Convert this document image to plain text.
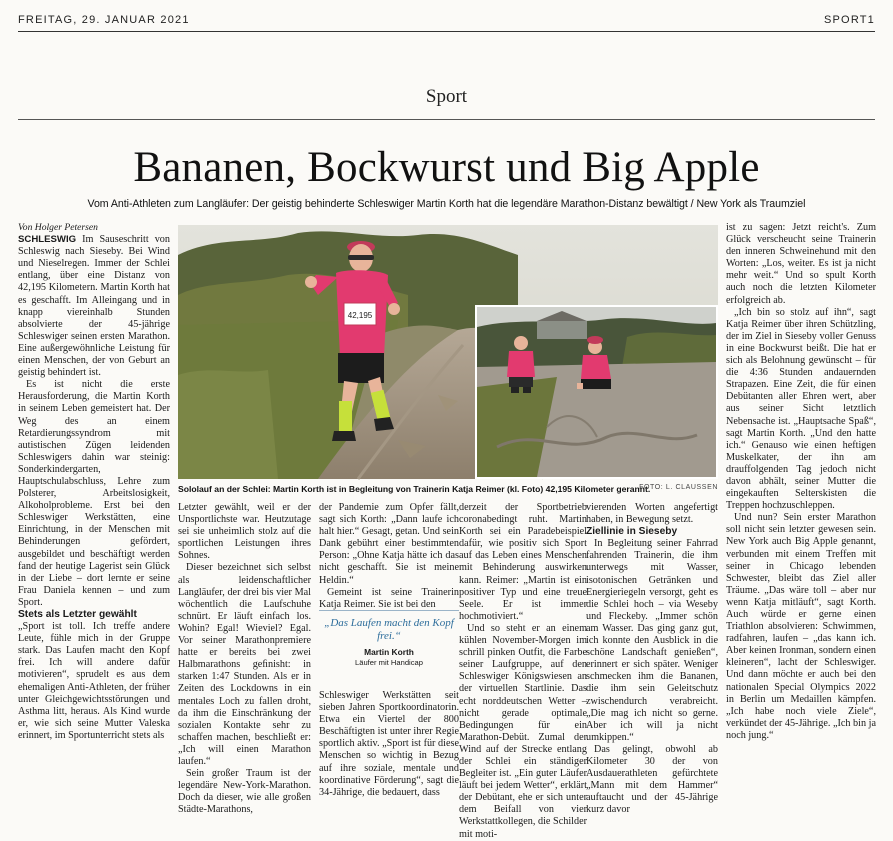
FREITAG, 29. JANUAR 2021	SPORT1
Sport
Bananen, Bockwurst und Big Apple
Vom Anti-Athleten zum Langläufer: Der geistig behinderte Schleswiger Martin Korth hat die legendäre Marathon-Distanz bewältigt / New York als Traumziel

Von Holger Petersen

SCHLESWIG Im Sauseschritt von Schleswig nach Sieseby. Bei Wind und Nieselregen. Immer der Schlei entlang, über eine Distanz von 42,195 Kilometern. Martin Korth hat es geschafft. Im Alleingang und in knapp viereinhalb Stunden absolvierte der 45-jährige Schleswiger seinen ersten Marathon. Eine außergewöhnliche Leistung für einen Menschen, der von Geburt an geistig behindert ist.

Es ist nicht die erste Herausforderung, die Martin Korth in seinem Leben gemeistert hat. Der Weg des an einem Retardierungssyndrom mit autistischen Zügen leidenden Schleswigers dahin war steinig: Sonderkindergarten, Hauptschulabschluss, Lehre zum Polsterer, Arbeitslosigkeit, Alkoholprobleme. Erst bei den Schleswiger Werkstätten, eine Einrichtung, in der Menschen mit Behinderungen gefördert, ausgebildet und beschäftigt werden fand der heutige Lagerist sein Glück in der Liebe – dort lernte er seine Frau Daniela kennen – und zum Sport.

Stets als Letzter gewählt

„Sport ist toll. Ich treffe andere Leute, fühle mich in der Gruppe stark. Das Laufen macht den Kopf frei. Ich will andere dafür motivieren“, sprudelt es aus dem ehemaligen Anti-Athleten, der früher unter Gleichgewichtsstörungen und Asthma litt, heraus. Als Kind wurde er, wie sich seine Mutter Valeska erinnert, im Sportunterricht stets als

42,195
Sololauf an der Schlei: Martin Korth ist in Begleitung von Trainerin Katja Reimer (kl. Foto) 42,195 Kilometer gerannt.
FOTO: L. CLAUSSEN

Letzter gewählt, weil er der Unsportlichste war. Heutzutage sei sie unheimlich stolz auf die sportlichen Leistungen ihres Sohnes.

Dieser bezeichnet sich selbst als leidenschaftlicher Langläufer, der drei bis vier Mal wöchentlich die Laufschuhe schnürt. Er läuft einfach los. Wohin? Egal! Wieviel? Egal. Vor seiner Marathonpremiere hatte er bereits bei zwei Halbmarathons geﬁnisht: in starken 1:47 Stunden. Als er in Zeiten des Lockdowns in ein mentales Loch zu fallen droht, da ihm die Einschränkung der sozialen Kontakte sehr zu schaffen machen, beschließt er: „Ich will einen Marathon laufen.“

Sein großer Traum ist der legendäre New-York-Marathon. Doch da dieser, wie alle großen Städte-Marathons,

der Pandemie zum Opfer fällt, sagt sich Korth: „Dann laufe ich halt hier.“ Gesagt, getan. Und sein Dank gebührt einer bestimmten Person: „Ohne Katja hätte ich das nicht geschafft. Sie ist meine Heldin.“

Gemeint ist seine Trainerin Katja Reimer. Sie ist bei den

„Das Laufen macht den Kopf frei.“
Martin Korth
Läufer mit Handicap

Schleswiger Werkstätten seit sieben Jahren Sportkoordinatorin. Etwa ein Viertel der 800 Beschäftigten ist unter ihrer Regie sportlich aktiv. „Sport ist für diese Menschen so wichtig in Bezug auf ihre soziale, mentale und koordinative Förderung“, sagt die 34-Jährige, die bedauert, dass

derzeit der Sportbetrieb coronabedingt ruht. Martin Korth sei ein Paradebeispiel dafür, wie positiv sich Sport auf das Leben eines Menschen mit Behinderung auswirken kann. Reimer: „Martin ist ein positiver Typ und eine treue Seele. Er ist immer hochmotiviert.“

Und so steht er an einem kühlen November-Morgen im schrill pinken Outfit, die Farbe seiner Laufgruppe, auf den Schleswiger Königswiesen an der virtuellen Startlinie. Das echt norddeutschen Wetter – nicht gerade optimale Bedingungen für ein Marathon-Debüt. Zumal der Wind auf der Strecke entlang der Schlei ein ständiger Begleiter ist. „Ein guter Läufer läuft bei jedem Wetter“, erklärt der Debütant, ehe er sich unter dem Beifall von vier Werkstattkollegen, die Schilder mit moti-

vierenden Worten angefertigt haben, in Bewegung setzt.

Ziellinie in Sieseby

In Begleitung seiner Fahrrad fahrenden Trainerin, die ihm unterwegs mit Wasser, isotonischen Getränken und Energieriegeln versorgt, geht es die Schlei hoch – via Weseby und Fleckeby. „Immer schön am Wasser. Das ging ganz gut, ich konnte den Ausblick in die schöne Landschaft genießen“, erinnert er sich später. Weniger schmecken ihm die Bananen, die ihm sein Geleitschutz zwischendurch verabreicht. „Die mag ich nicht so gerne. Aber ich will ja nicht umkippen.“

Das gelingt, obwohl ab Kilometer 30 der von Ausdauerathleten gefürchtete „Mann mit dem Hammer“ auftaucht und der 45-Jährige kurz davor

ist zu sagen: Jetzt reicht's. Zum Glück verscheucht seine Trainerin den inneren Schweinehund mit den Worten: „Los, weiter. Es ist ja nicht mehr weit.“ Und so spult Korth auch noch die letzten Kilometer erfolgreich ab.

„Ich bin so stolz auf ihn“, sagt Katja Reimer über ihren Schützling, der im Ziel in Sieseby voller Genuss in eine Bockwurst beißt. Die hat er sich als Belohnung gewünscht – für die 4:36 Stunden andauernden Strapazen. Eine Zeit, die für einen Debütanten aller Ehren wert, aber aus seiner Sicht letztlich Nebensache ist. „Hauptsache Spaß“, sagt Martin Korth. „Und den hatte ich.“ Genauso wie einen heftigen Muskelkater, der ihn am drauffolgenden Tag jedoch nicht davon abhält, seiner Mutter die eingekauften Selterskisten die Treppen hochzuschleppen.

Und nun? Sein erster Marathon soll nicht sein letzter gewesen sein. New York auch Big Apple genannt, verbunden mit einem Treffen mit seiner in Chicago lebenden Schwester, bleibt das Ziel aller Träume. „Das wäre toll – aber nur wenn Katja mitläuft“, sagt Korth. Auch würde er gerne einen Triathlon absolvieren: Schwimmen, radfahren, laufen – „das kann ich. Aber keinen Ironman, sondern einen kleineren“, lacht der Schleswiger. Und dann möchte er auch bei den nationalen Special Olympics 2022 in Berlin um Medaillen kämpfen. „Ich habe noch viele Ziele“, verkündet der 45-Jährige. „Ich bin ja noch jung.“
